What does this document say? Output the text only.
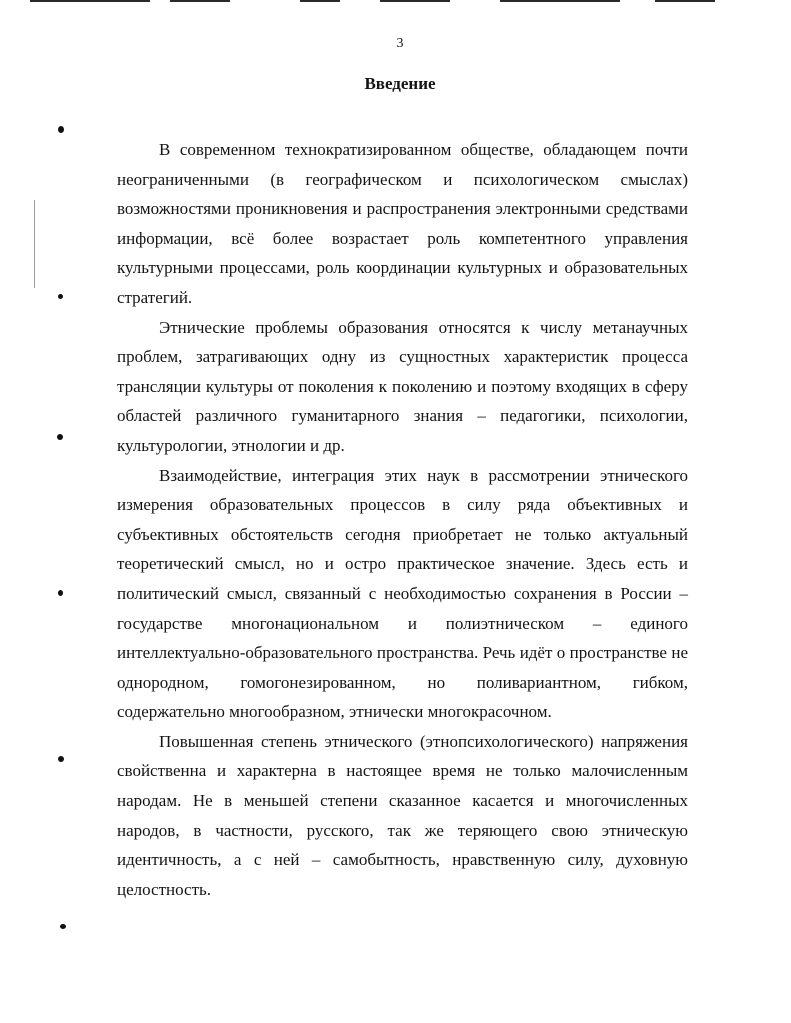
3
Введение

В современном технократизированном обществе, обладающем почти неограниченными (в географическом и психологическом смыслах) возможностями проникновения и распространения электронными средствами информации, всё более возрастает роль компетентного управления культурными процессами, роль координации культурных и образовательных стратегий.

Этнические проблемы образования относятся к числу метанаучных проблем, затрагивающих одну из сущностных характеристик процесса трансляции культуры от поколения к поколению и поэтому входящих в сферу областей различного гуманитарного знания – педагогики, психологии, культурологии, этнологии и др.

Взаимодействие, интеграция этих наук в рассмотрении этнического измерения образовательных процессов в силу ряда объективных и субъективных обстоятельств сегодня приобретает не только актуальный теоретический смысл, но и остро практическое значение. Здесь есть и политический смысл, связанный с необходимостью сохранения в России – государстве многонациональном и полиэтническом – единого интеллектуально-образовательного пространства. Речь идёт о пространстве не однородном, гомогонезированном, но поливариантном, гибком, содержательно многообразном, этнически многокрасочном.

Повышенная степень этнического (этнопсихологического) напряжения свойственна и характерна в настоящее время не только малочисленным народам. Не в меньшей степени сказанное касается и многочисленных народов, в частности, русского, так же теряющего свою этническую идентичность, а с ней – самобытность, нравственную силу, духовную целостность.
